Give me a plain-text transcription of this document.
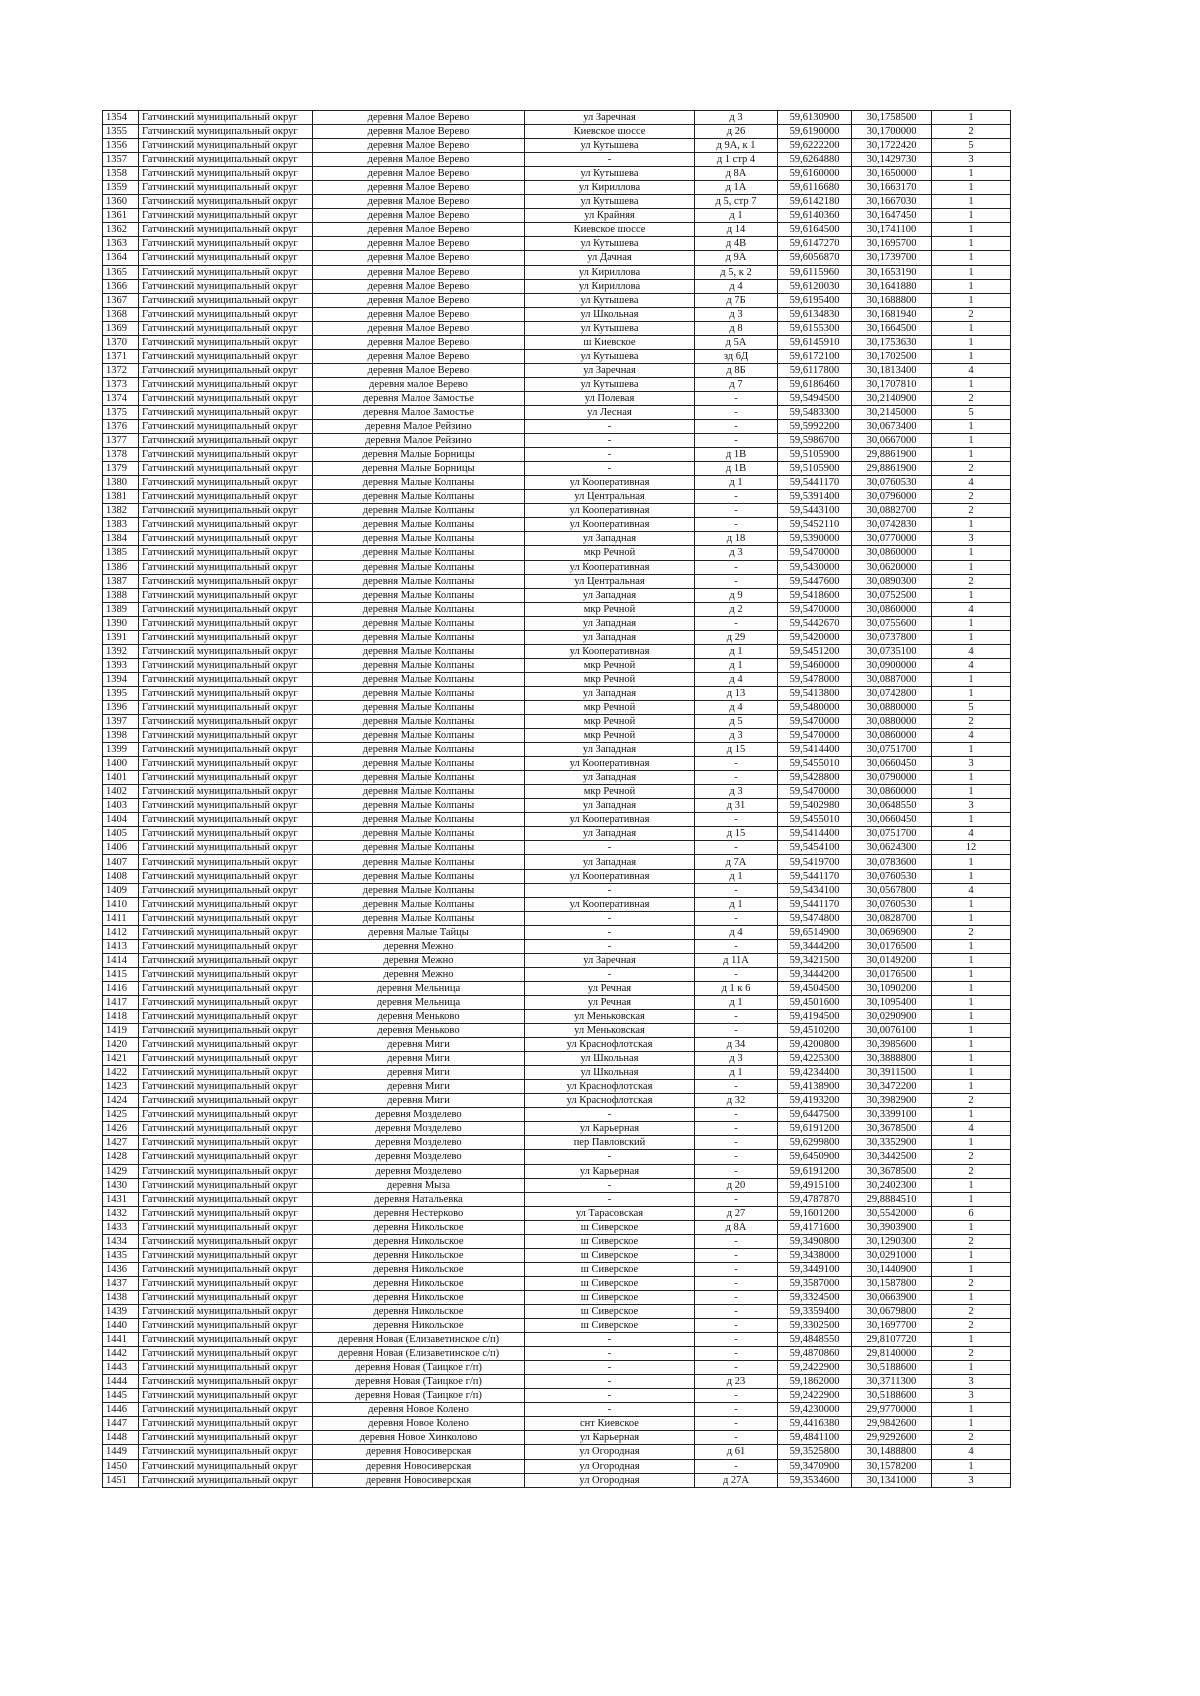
1354	Гатчинский муниципальный округ	деревня Малое Верево	ул Заречная	д 3	59,6130900	30,1758500	1
1355	Гатчинский муниципальный округ	деревня Малое Верево	Киевское шоссе	д 26	59,6190000	30,1700000	2
1356	Гатчинский муниципальный округ	деревня Малое Верево	ул Кутышева	д 9А, к 1	59,6222200	30,1722420	5
1357	Гатчинский муниципальный округ	деревня Малое Верево	-	д 1 стр 4	59,6264880	30,1429730	3
1358	Гатчинский муниципальный округ	деревня Малое Верево	ул Кутышева	д 8А	59,6160000	30,1650000	1
1359	Гатчинский муниципальный округ	деревня Малое Верево	ул Кириллова	д 1А	59,6116680	30,1663170	1
1360	Гатчинский муниципальный округ	деревня Малое Верево	ул Кутышева	д 5, стр 7	59,6142180	30,1667030	1
1361	Гатчинский муниципальный округ	деревня Малое Верево	ул Крайняя	д 1	59,6140360	30,1647450	1
1362	Гатчинский муниципальный округ	деревня Малое Верево	Киевское шоссе	д 14	59,6164500	30,1741100	1
1363	Гатчинский муниципальный округ	деревня Малое Верево	ул Кутышева	д 4В	59,6147270	30,1695700	1
1364	Гатчинский муниципальный округ	деревня Малое Верево	ул Дачная	д 9А	59,6056870	30,1739700	1
1365	Гатчинский муниципальный округ	деревня Малое Верево	ул Кириллова	д 5, к 2	59,6115960	30,1653190	1
1366	Гатчинский муниципальный округ	деревня Малое Верево	ул Кириллова	д 4	59,6120030	30,1641880	1
1367	Гатчинский муниципальный округ	деревня Малое Верево	ул Кутышева	д 7Б	59,6195400	30,1688800	1
1368	Гатчинский муниципальный округ	деревня Малое Верево	ул Школьная	д 3	59,6134830	30,1681940	2
1369	Гатчинский муниципальный округ	деревня Малое Верево	ул Кутышева	д 8	59,6155300	30,1664500	1
1370	Гатчинский муниципальный округ	деревня Малое Верево	ш Киевское	д 5А	59,6145910	30,1753630	1
1371	Гатчинский муниципальный округ	деревня Малое Верево	ул Кутышева	зд 6Д	59,6172100	30,1702500	1
1372	Гатчинский муниципальный округ	деревня Малое Верево	ул Заречная	д 8Б	59,6117800	30,1813400	4
1373	Гатчинский муниципальный округ	деревня малое Верево	ул Кутышева	д 7	59,6186460	30,1707810	1
1374	Гатчинский муниципальный округ	деревня Малое Замостье	ул Полевая	-	59,5494500	30,2140900	2
1375	Гатчинский муниципальный округ	деревня Малое Замостье	ул Лесная	-	59,5483300	30,2145000	5
1376	Гатчинский муниципальный округ	деревня Малое Рейзино	-	-	59,5992200	30,0673400	1
1377	Гатчинский муниципальный округ	деревня Малое Рейзино	-	-	59,5986700	30,0667000	1
1378	Гатчинский муниципальный округ	деревня Малые Борницы	-	д 1В	59,5105900	29,8861900	1
1379	Гатчинский муниципальный округ	деревня Малые Борницы	-	д 1В	59,5105900	29,8861900	2
1380	Гатчинский муниципальный округ	деревня Малые Колпаны	ул Кооперативная	д 1	59,5441170	30,0760530	4
1381	Гатчинский муниципальный округ	деревня Малые Колпаны	ул Центральная	-	59,5391400	30,0796000	2
1382	Гатчинский муниципальный округ	деревня Малые Колпаны	ул Кооперативная	-	59,5443100	30,0882700	2
1383	Гатчинский муниципальный округ	деревня Малые Колпаны	ул Кооперативная	-	59,5452110	30,0742830	1
1384	Гатчинский муниципальный округ	деревня Малые Колпаны	ул Западная	д 18	59,5390000	30,0770000	3
1385	Гатчинский муниципальный округ	деревня Малые Колпаны	мкр Речной	д 3	59,5470000	30,0860000	1
1386	Гатчинский муниципальный округ	деревня Малые Колпаны	ул Кооперативная	-	59,5430000	30,0620000	1
1387	Гатчинский муниципальный округ	деревня Малые Колпаны	ул Центральная	-	59,5447600	30,0890300	2
1388	Гатчинский муниципальный округ	деревня Малые Колпаны	ул Западная	д 9	59,5418600	30,0752500	1
1389	Гатчинский муниципальный округ	деревня Малые Колпаны	мкр Речной	д 2	59,5470000	30,0860000	4
1390	Гатчинский муниципальный округ	деревня Малые Колпаны	ул Западная	-	59,5442670	30,0755600	1
1391	Гатчинский муниципальный округ	деревня Малые Колпаны	ул Западная	д 29	59,5420000	30,0737800	1
1392	Гатчинский муниципальный округ	деревня Малые Колпаны	ул Кооперативная	д 1	59,5451200	30,0735100	4
1393	Гатчинский муниципальный округ	деревня Малые Колпаны	мкр Речной	д 1	59,5460000	30,0900000	4
1394	Гатчинский муниципальный округ	деревня Малые Колпаны	мкр Речной	д 4	59,5478000	30,0887000	1
1395	Гатчинский муниципальный округ	деревня Малые Колпаны	ул Западная	д 13	59,5413800	30,0742800	1
1396	Гатчинский муниципальный округ	деревня Малые Колпаны	мкр Речной	д 4	59,5480000	30,0880000	5
1397	Гатчинский муниципальный округ	деревня Малые Колпаны	мкр Речной	д 5	59,5470000	30,0880000	2
1398	Гатчинский муниципальный округ	деревня Малые Колпаны	мкр Речной	д 3	59,5470000	30,0860000	4
1399	Гатчинский муниципальный округ	деревня Малые Колпаны	ул Западная	д 15	59,5414400	30,0751700	1
1400	Гатчинский муниципальный округ	деревня Малые Колпаны	ул Кооперативная	-	59,5455010	30,0660450	3
1401	Гатчинский муниципальный округ	деревня Малые Колпаны	ул Западная	-	59,5428800	30,0790000	1
1402	Гатчинский муниципальный округ	деревня Малые Колпаны	мкр Речной	д 3	59,5470000	30,0860000	1
1403	Гатчинский муниципальный округ	деревня Малые Колпаны	ул Западная	д 31	59,5402980	30,0648550	3
1404	Гатчинский муниципальный округ	деревня Малые Колпаны	ул Кооперативная	-	59,5455010	30,0660450	1
1405	Гатчинский муниципальный округ	деревня Малые Колпаны	ул Западная	д 15	59,5414400	30,0751700	4
1406	Гатчинский муниципальный округ	деревня Малые Колпаны	-	-	59,5454100	30,0624300	12
1407	Гатчинский муниципальный округ	деревня Малые Колпаны	ул Западная	д 7А	59,5419700	30,0783600	1
1408	Гатчинский муниципальный округ	деревня Малые Колпаны	ул Кооперативная	д 1	59,5441170	30,0760530	1
1409	Гатчинский муниципальный округ	деревня Малые Колпаны	-	-	59,5434100	30,0567800	4
1410	Гатчинский муниципальный округ	деревня Малые Колпаны	ул Кооперативная	д 1	59,5441170	30,0760530	1
1411	Гатчинский муниципальный округ	деревня Малые Колпаны	-	-	59,5474800	30,0828700	1
1412	Гатчинский муниципальный округ	деревня Малые Тайцы	-	д 4	59,6514900	30,0696900	2
1413	Гатчинский муниципальный округ	деревня Межно	-	-	59,3444200	30,0176500	1
1414	Гатчинский муниципальный округ	деревня Межно	ул Заречная	д 11А	59,3421500	30,0149200	1
1415	Гатчинский муниципальный округ	деревня Межно	-	-	59,3444200	30,0176500	1
1416	Гатчинский муниципальный округ	деревня Мельница	ул Речная	д 1 к 6	59,4504500	30,1090200	1
1417	Гатчинский муниципальный округ	деревня Мельница	ул Речная	д 1	59,4501600	30,1095400	1
1418	Гатчинский муниципальный округ	деревня Меньково	ул Меньковская	-	59,4194500	30,0290900	1
1419	Гатчинский муниципальный округ	деревня Меньково	ул Меньковская	-	59,4510200	30,0076100	1
1420	Гатчинский муниципальный округ	деревня Миги	ул Краснофлотская	д 34	59,4200800	30,3985600	1
1421	Гатчинский муниципальный округ	деревня Миги	ул Школьная	д 3	59,4225300	30,3888800	1
1422	Гатчинский муниципальный округ	деревня Миги	ул Школьная	д 1	59,4234400	30,3911500	1
1423	Гатчинский муниципальный округ	деревня Миги	ул Краснофлотская	-	59,4138900	30,3472200	1
1424	Гатчинский муниципальный округ	деревня Миги	ул Краснофлотская	д 32	59,4193200	30,3982900	2
1425	Гатчинский муниципальный округ	деревня Мозделево	-	-	59,6447500	30,3399100	1
1426	Гатчинский муниципальный округ	деревня Мозделево	ул Карьерная	-	59,6191200	30,3678500	4
1427	Гатчинский муниципальный округ	деревня Мозделево	пер Павловский	-	59,6299800	30,3352900	1
1428	Гатчинский муниципальный округ	деревня Мозделево	-	-	59,6450900	30,3442500	2
1429	Гатчинский муниципальный округ	деревня Мозделево	ул Карьерная	-	59,6191200	30,3678500	2
1430	Гатчинский муниципальный округ	деревня Мыза	-	д 20	59,4915100	30,2402300	1
1431	Гатчинский муниципальный округ	деревня Натальевка	-	-	59,4787870	29,8884510	1
1432	Гатчинский муниципальный округ	деревня Нестерково	ул Тарасовская	д 27	59,1601200	30,5542000	6
1433	Гатчинский муниципальный округ	деревня Никольское	ш Сиверское	д 8А	59,4171600	30,3903900	1
1434	Гатчинский муниципальный округ	деревня Никольское	ш Сиверское	-	59,3490800	30,1290300	2
1435	Гатчинский муниципальный округ	деревня Никольское	ш Сиверское	-	59,3438000	30,0291000	1
1436	Гатчинский муниципальный округ	деревня Никольское	ш Сиверское	-	59,3449100	30,1440900	1
1437	Гатчинский муниципальный округ	деревня Никольское	ш Сиверское	-	59,3587000	30,1587800	2
1438	Гатчинский муниципальный округ	деревня Никольское	ш Сиверское	-	59,3324500	30,0663900	1
1439	Гатчинский муниципальный округ	деревня Никольское	ш Сиверское	-	59,3359400	30,0679800	2
1440	Гатчинский муниципальный округ	деревня Никольское	ш Сиверское	-	59,3302500	30,1697700	2
1441	Гатчинский муниципальный округ	деревня Новая (Елизаветинское с/п)	-	-	59,4848550	29,8107720	1
1442	Гатчинский муниципальный округ	деревня Новая (Елизаветинское с/п)	-	-	59,4870860	29,8140000	2
1443	Гатчинский муниципальный округ	деревня Новая (Таицкое г/п)	-	-	59,2422900	30,5188600	1
1444	Гатчинский муниципальный округ	деревня Новая (Таицкое г/п)	-	д 23	59,1862000	30,3711300	3
1445	Гатчинский муниципальный округ	деревня Новая (Таицкое г/п)	-	-	59,2422900	30,5188600	3
1446	Гатчинский муниципальный округ	деревня Новое Колено	-	-	59,4230000	29,9770000	1
1447	Гатчинский муниципальный округ	деревня Новое Колено	снт Киевское	-	59,4416380	29,9842600	1
1448	Гатчинский муниципальный округ	деревня Новое Хинколово	ул Карьерная	-	59,4841100	29,9292600	2
1449	Гатчинский муниципальный округ	деревня Новосиверская	ул Огородная	д 61	59,3525800	30,1488800	4
1450	Гатчинский муниципальный округ	деревня Новосиверская	ул Огородная	-	59,3470900	30,1578200	1
1451	Гатчинский муниципальный округ	деревня Новосиверская	ул Огородная	д 27А	59,3534600	30,1341000	3
